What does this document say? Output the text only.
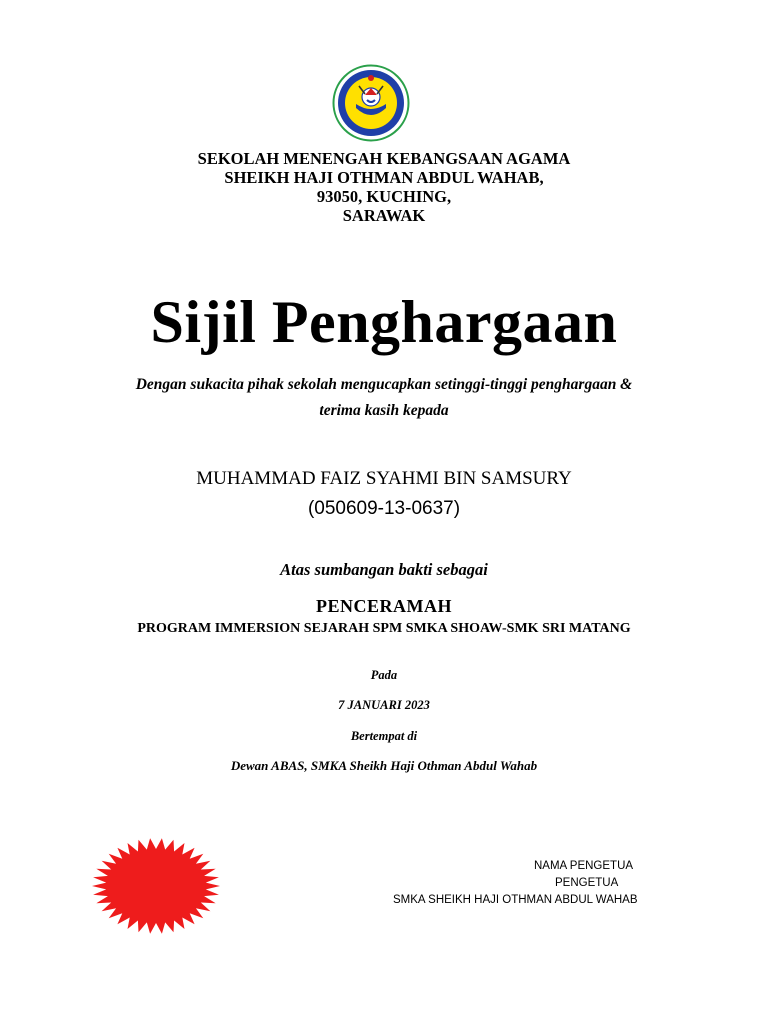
SEKOLAH MENENGAH KEBANGSAAN AGAMA
SHEIKH HAJI OTHMAN ABDUL WAHAB,
93050, KUCHING,
SARAWAK
Sijil Penghargaan
Dengan sukacita pihak sekolah mengucapkan setinggi-tinggi penghargaan &
terima kasih kepada
MUHAMMAD FAIZ SYAHMI BIN SAMSURY
(050609-13-0637)
Atas sumbangan bakti sebagai
PENCERAMAH
PROGRAM IMMERSION SEJARAH SPM SMKA SHOAW-SMK SRI MATANG
Pada
7 JANUARI 2023
Bertempat di
Dewan ABAS, SMKA Sheikh Haji Othman Abdul Wahab
NAMA PENGETUA
PENGETUA
SMKA SHEIKH HAJI OTHMAN ABDUL WAHAB
